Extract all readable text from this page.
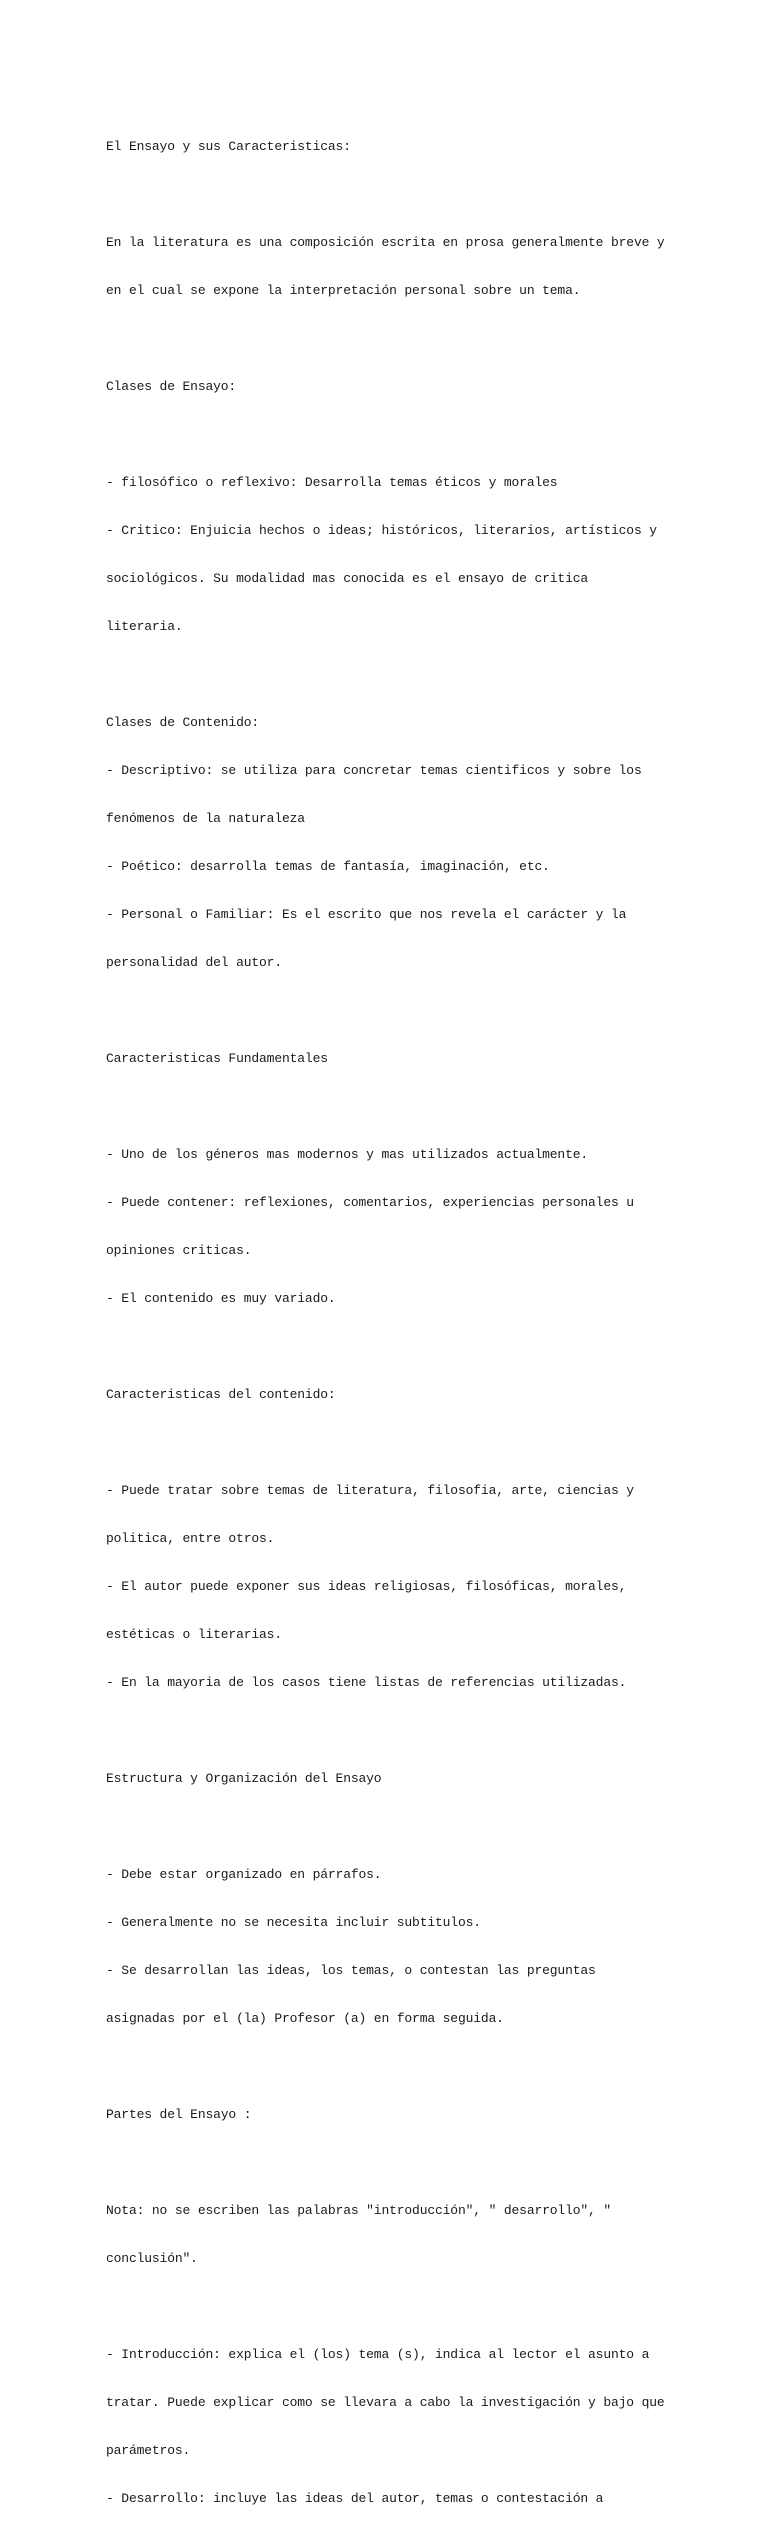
El Ensayo y sus Caracteristicas:

En la literatura es una composición escrita en prosa generalmente breve y

en el cual se expone la interpretación personal sobre un tema.

Clases de Ensayo:

- filosófico o reflexivo: Desarrolla temas éticos y morales

- Critico: Enjuicia hechos o ideas; históricos, literarios, artísticos y

sociológicos. Su modalidad mas conocida es el ensayo de critica

literaria.

Clases de Contenido:

- Descriptivo: se utiliza para concretar temas cientificos y sobre los

fenómenos de la naturaleza

- Poético: desarrolla temas de fantasía, imaginación, etc.

- Personal o Familiar: Es el escrito que nos revela el carácter y la

personalidad del autor.

Caracteristicas Fundamentales

- Uno de los géneros mas modernos y mas utilizados actualmente.

- Puede contener: reflexiones, comentarios, experiencias personales u

opiniones criticas.

- El contenido es muy variado.

Caracteristicas del contenido:

- Puede tratar sobre temas de literatura, filosofia, arte, ciencias y

politica, entre otros.

- El autor puede exponer sus ideas religiosas, filosóficas, morales,

estéticas o literarias.

- En la mayoria de los casos tiene listas de referencias utilizadas.

Estructura y Organización del Ensayo

- Debe estar organizado en párrafos.

- Generalmente no se necesita incluir subtitulos.

- Se desarrollan las ideas, los temas, o contestan las preguntas

asignadas por el (la) Profesor (a) en forma seguida.

Partes del Ensayo :

Nota: no se escriben las palabras "introducción", " desarrollo", "

conclusión".

- Introducción: explica el (los) tema (s), indica al lector el asunto a

tratar. Puede explicar como se llevara a cabo la investigación y bajo que

parámetros.

- Desarrollo: incluye las ideas del autor, temas o contestación a
